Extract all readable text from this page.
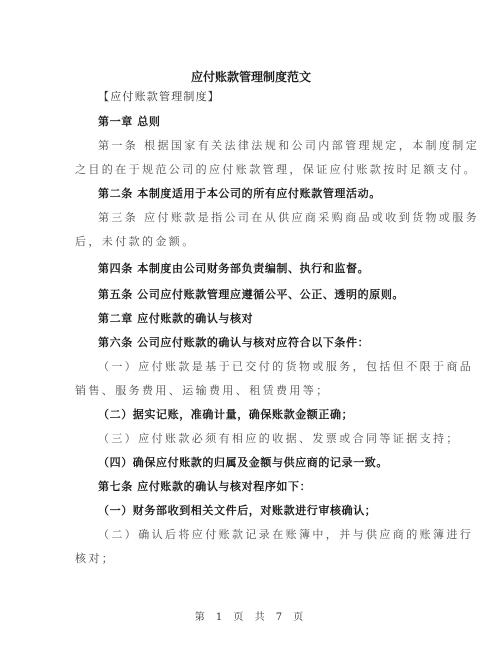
应付账款管理制度范文
【应付账款管理制度】
第一章 总则
第一条 根据国家有关法律法规和公司内部管理规定，本制度制定
之目的在于规范公司的应付账款管理，保证应付账款按时足额支付。
第二条 本制度适用于本公司的所有应付账款管理活动。
第三条 应付账款是指公司在从供应商采购商品或收到货物或服务
后，未付款的金额。
第四条 本制度由公司财务部负责编制、执行和监督。
第五条 公司应付账款管理应遵循公平、公正、透明的原则。
第二章 应付账款的确认与核对
第六条 公司应付账款的确认与核对应符合以下条件：
（一）应付账款是基于已交付的货物或服务，包括但不限于商品
销售、服务费用、运输费用、租赁费用等；
（二）据实记账，准确计量，确保账款金额正确；
（三）应付账款必须有相应的收据、发票或合同等证据支持；
（四）确保应付账款的归属及金额与供应商的记录一致。
第七条 应付账款的确认与核对程序如下：
（一）财务部收到相关文件后，对账款进行审核确认；
（二）确认后将应付账款记录在账簿中，并与供应商的账簿进行
核对；
第 1 页 共 7 页
